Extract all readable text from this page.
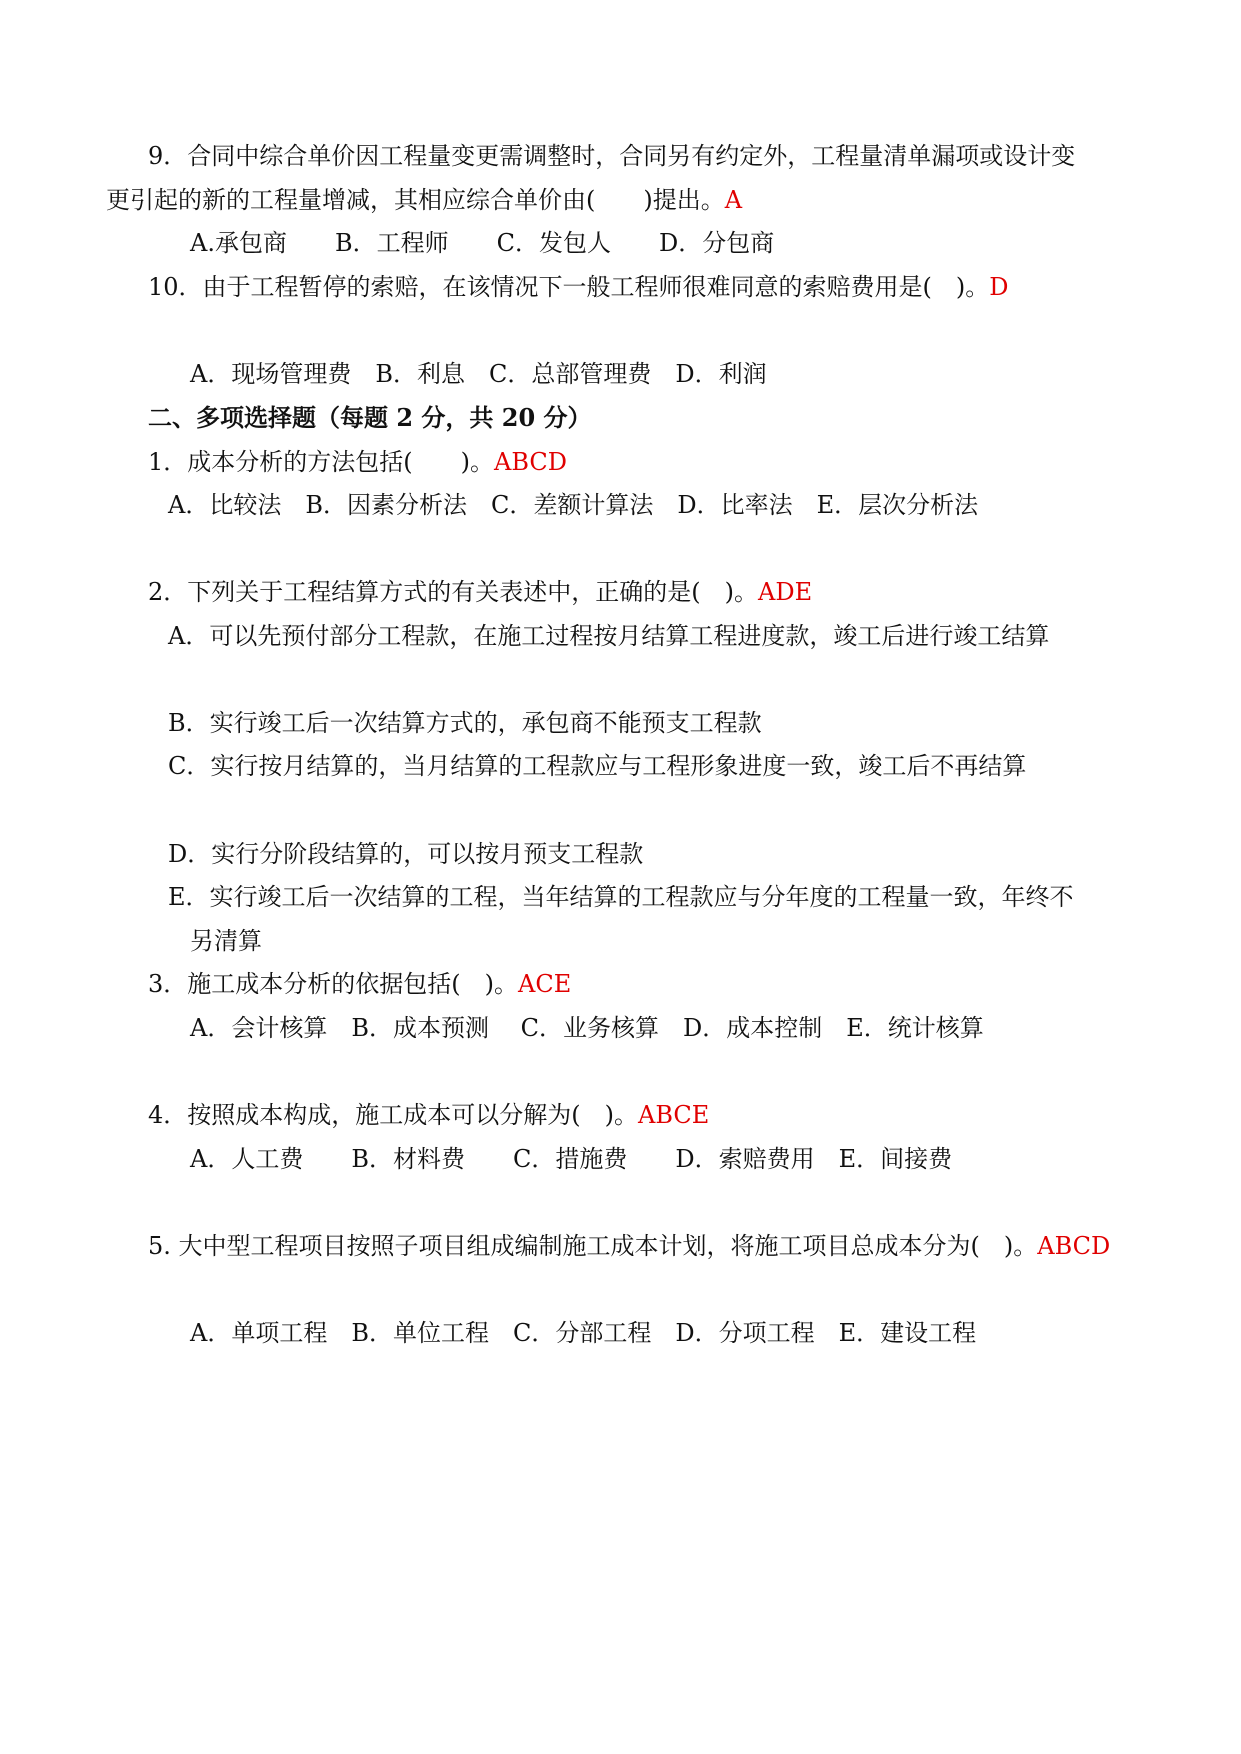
9．合同中综合单价因工程量变更需调整时，合同另有约定外，工程量清单漏项或设计变
更引起的新的工程量增减，其相应综合单价由(　　)提出。A
A.承包商　　B．工程师　　C．发包人　　D．分包商
10．由于工程暂停的索赔，在该情况下一般工程师很难同意的索赔费用是(　)。D
A．现场管理费　B．利息　C．总部管理费　D．利润
二、多项选择题（每题 2 分，共 20 分）
1．成本分析的方法包括(　　)。ABCD
A．比较法　B．因素分析法　C．差额计算法　D．比率法　E．层次分析法
2．下列关于工程结算方式的有关表述中，正确的是(　)。ADE
A．可以先预付部分工程款，在施工过程按月结算工程进度款，竣工后进行竣工结算
B．实行竣工后一次结算方式的，承包商不能预支工程款
C．实行按月结算的，当月结算的工程款应与工程形象进度一致，竣工后不再结算
D．实行分阶段结算的，可以按月预支工程款
E．实行竣工后一次结算的工程，当年结算的工程款应与分年度的工程量一致，年终不
另清算
3．施工成本分析的依据包括(　)。ACE
A．会计核算　B．成本预测　 C．业务核算　D．成本控制　E．统计核算
4．按照成本构成，施工成本可以分解为(　)。ABCE
A．人工费　　B．材料费　　C．措施费　　D．索赔费用　E．间接费
5. 大中型工程项目按照子项目组成编制施工成本计划，将施工项目总成本分为(　)。ABCD
A．单项工程　B．单位工程　C．分部工程　D．分项工程　E．建设工程
